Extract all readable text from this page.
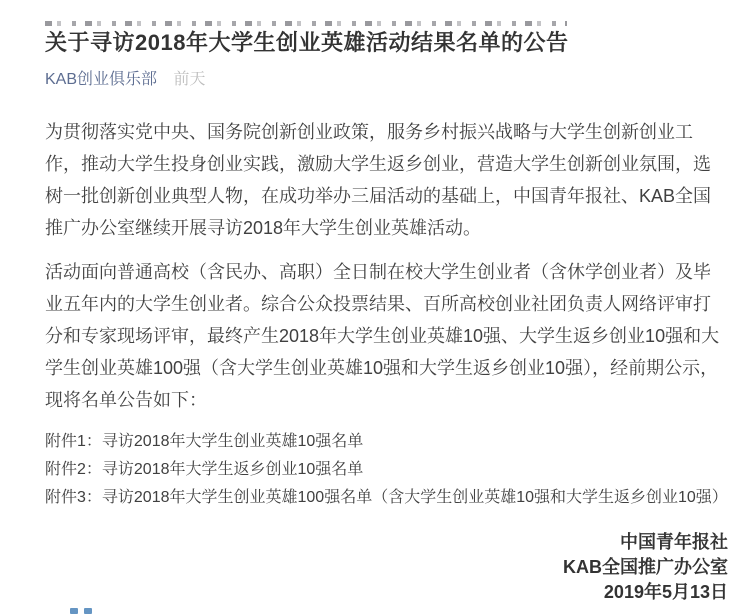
关于寻访2018年大学生创业英雄活动结果名单的公告
KAB创业俱乐部 前天

为贯彻落实党中央、国务院创新创业政策，服务乡村振兴战略与大学生创新创业工作，推动大学生投身创业实践，激励大学生返乡创业，营造大学生创新创业氛围，选树一批创新创业典型人物，在成功举办三届活动的基础上，中国青年报社、KAB全国推广办公室继续开展寻访2018年大学生创业英雄活动。

活动面向普通高校（含民办、高职）全日制在校大学生创业者（含休学创业者）及毕业五年内的大学生创业者。综合公众投票结果、百所高校创业社团负责人网络评审打分和专家现场评审，最终产生2018年大学生创业英雄10强、大学生返乡创业10强和大学生创业英雄100强（含大学生创业英雄10强和大学生返乡创业10强），经前期公示，现将名单公告如下：

附件1：寻访2018年大学生创业英雄10强名单
附件2：寻访2018年大学生返乡创业10强名单
附件3：寻访2018年大学生创业英雄100强名单（含大学生创业英雄10强和大学生返乡创业10强）
中国青年报社
KAB全国推广办公室
2019年5月13日
